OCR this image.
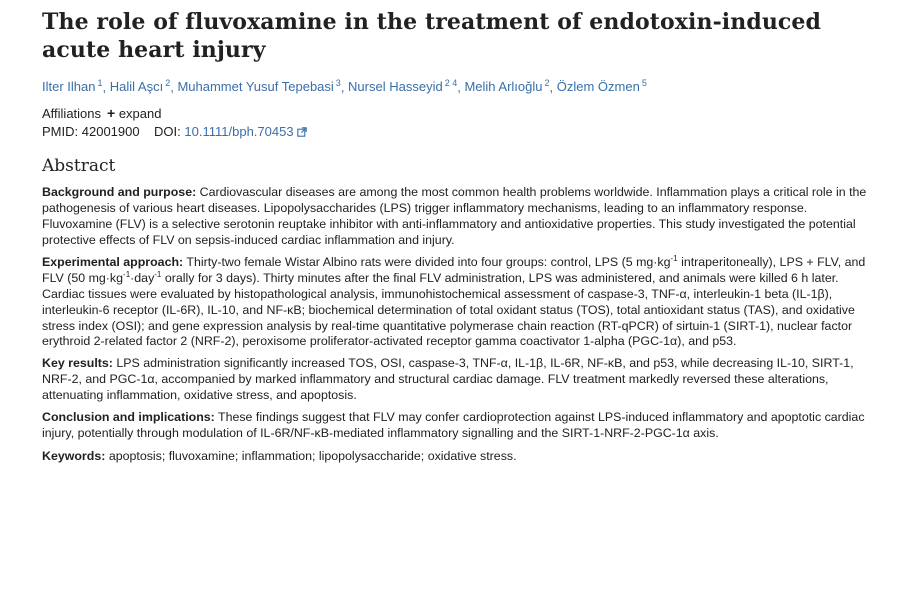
The role of fluvoxamine in the treatment of endotoxin-induced acute heart injury
Ilter Ilhan $^1$, Halil Aşcı $^2$, Muhammet Yusuf Tepebasi $^3$, Nursel Hasseyid $^{2 4}$, Melih Arlıoğlu $^2$, Özlem Özmen $^5$
Affiliations + expand
PMID: 42001900 DOI: 10.1111/bph.70453
Abstract

Background and purpose: Cardiovascular diseases are among the most common health problems worldwide. Inflammation plays a critical role in the pathogenesis of various heart diseases. Lipopolysaccharides (LPS) trigger inflammatory mechanisms, leading to an inflammatory response. Fluvoxamine (FLV) is a selective serotonin reuptake inhibitor with anti-inflammatory and antioxidative properties. This study investigated the potential protective effects of FLV on sepsis-induced cardiac inflammation and injury.

Experimental approach: Thirty-two female Wistar Albino rats were divided into four groups: control, LPS (5 $mg\cdot kg^{-1}$ intraperitoneally), LPS + FLV, and FLV (50 $mg\cdot kg^{-1}\cdot day^{-1}$ orally for 3 days). Thirty minutes after the final FLV administration, LPS was administered, and animals were killed 6 h later. Cardiac tissues were evaluated by histopathological analysis, immunohistochemical assessment of caspase-3, TNF-α, interleukin-1 beta (IL-1β), interleukin-6 receptor (IL-6R), IL-10, and NF-κB; biochemical determination of total oxidant status (TOS), total antioxidant status (TAS), and oxidative stress index (OSI); and gene expression analysis by real-time quantitative polymerase chain reaction (RT-qPCR) of sirtuin-1 (SIRT-1), nuclear factor erythroid 2-related factor 2 (NRF-2), peroxisome proliferator-activated receptor gamma coactivator 1-alpha (PGC-1α), and p53.

Key results: LPS administration significantly increased TOS, OSI, caspase-3, TNF-α, IL-1β, IL-6R, NF-κB, and p53, while decreasing IL-10, SIRT-1, NRF-2, and PGC-1α, accompanied by marked inflammatory and structural cardiac damage. FLV treatment markedly reversed these alterations, attenuating inflammation, oxidative stress, and apoptosis.

Conclusion and implications: These findings suggest that FLV may confer cardioprotection against LPS-induced inflammatory and apoptotic cardiac injury, potentially through modulation of IL-6R/NF-κB-mediated inflammatory signalling and the SIRT-1-NRF-2-PGC-1α axis.

Keywords: apoptosis; fluvoxamine; inflammation; lipopolysaccharide; oxidative stress.
